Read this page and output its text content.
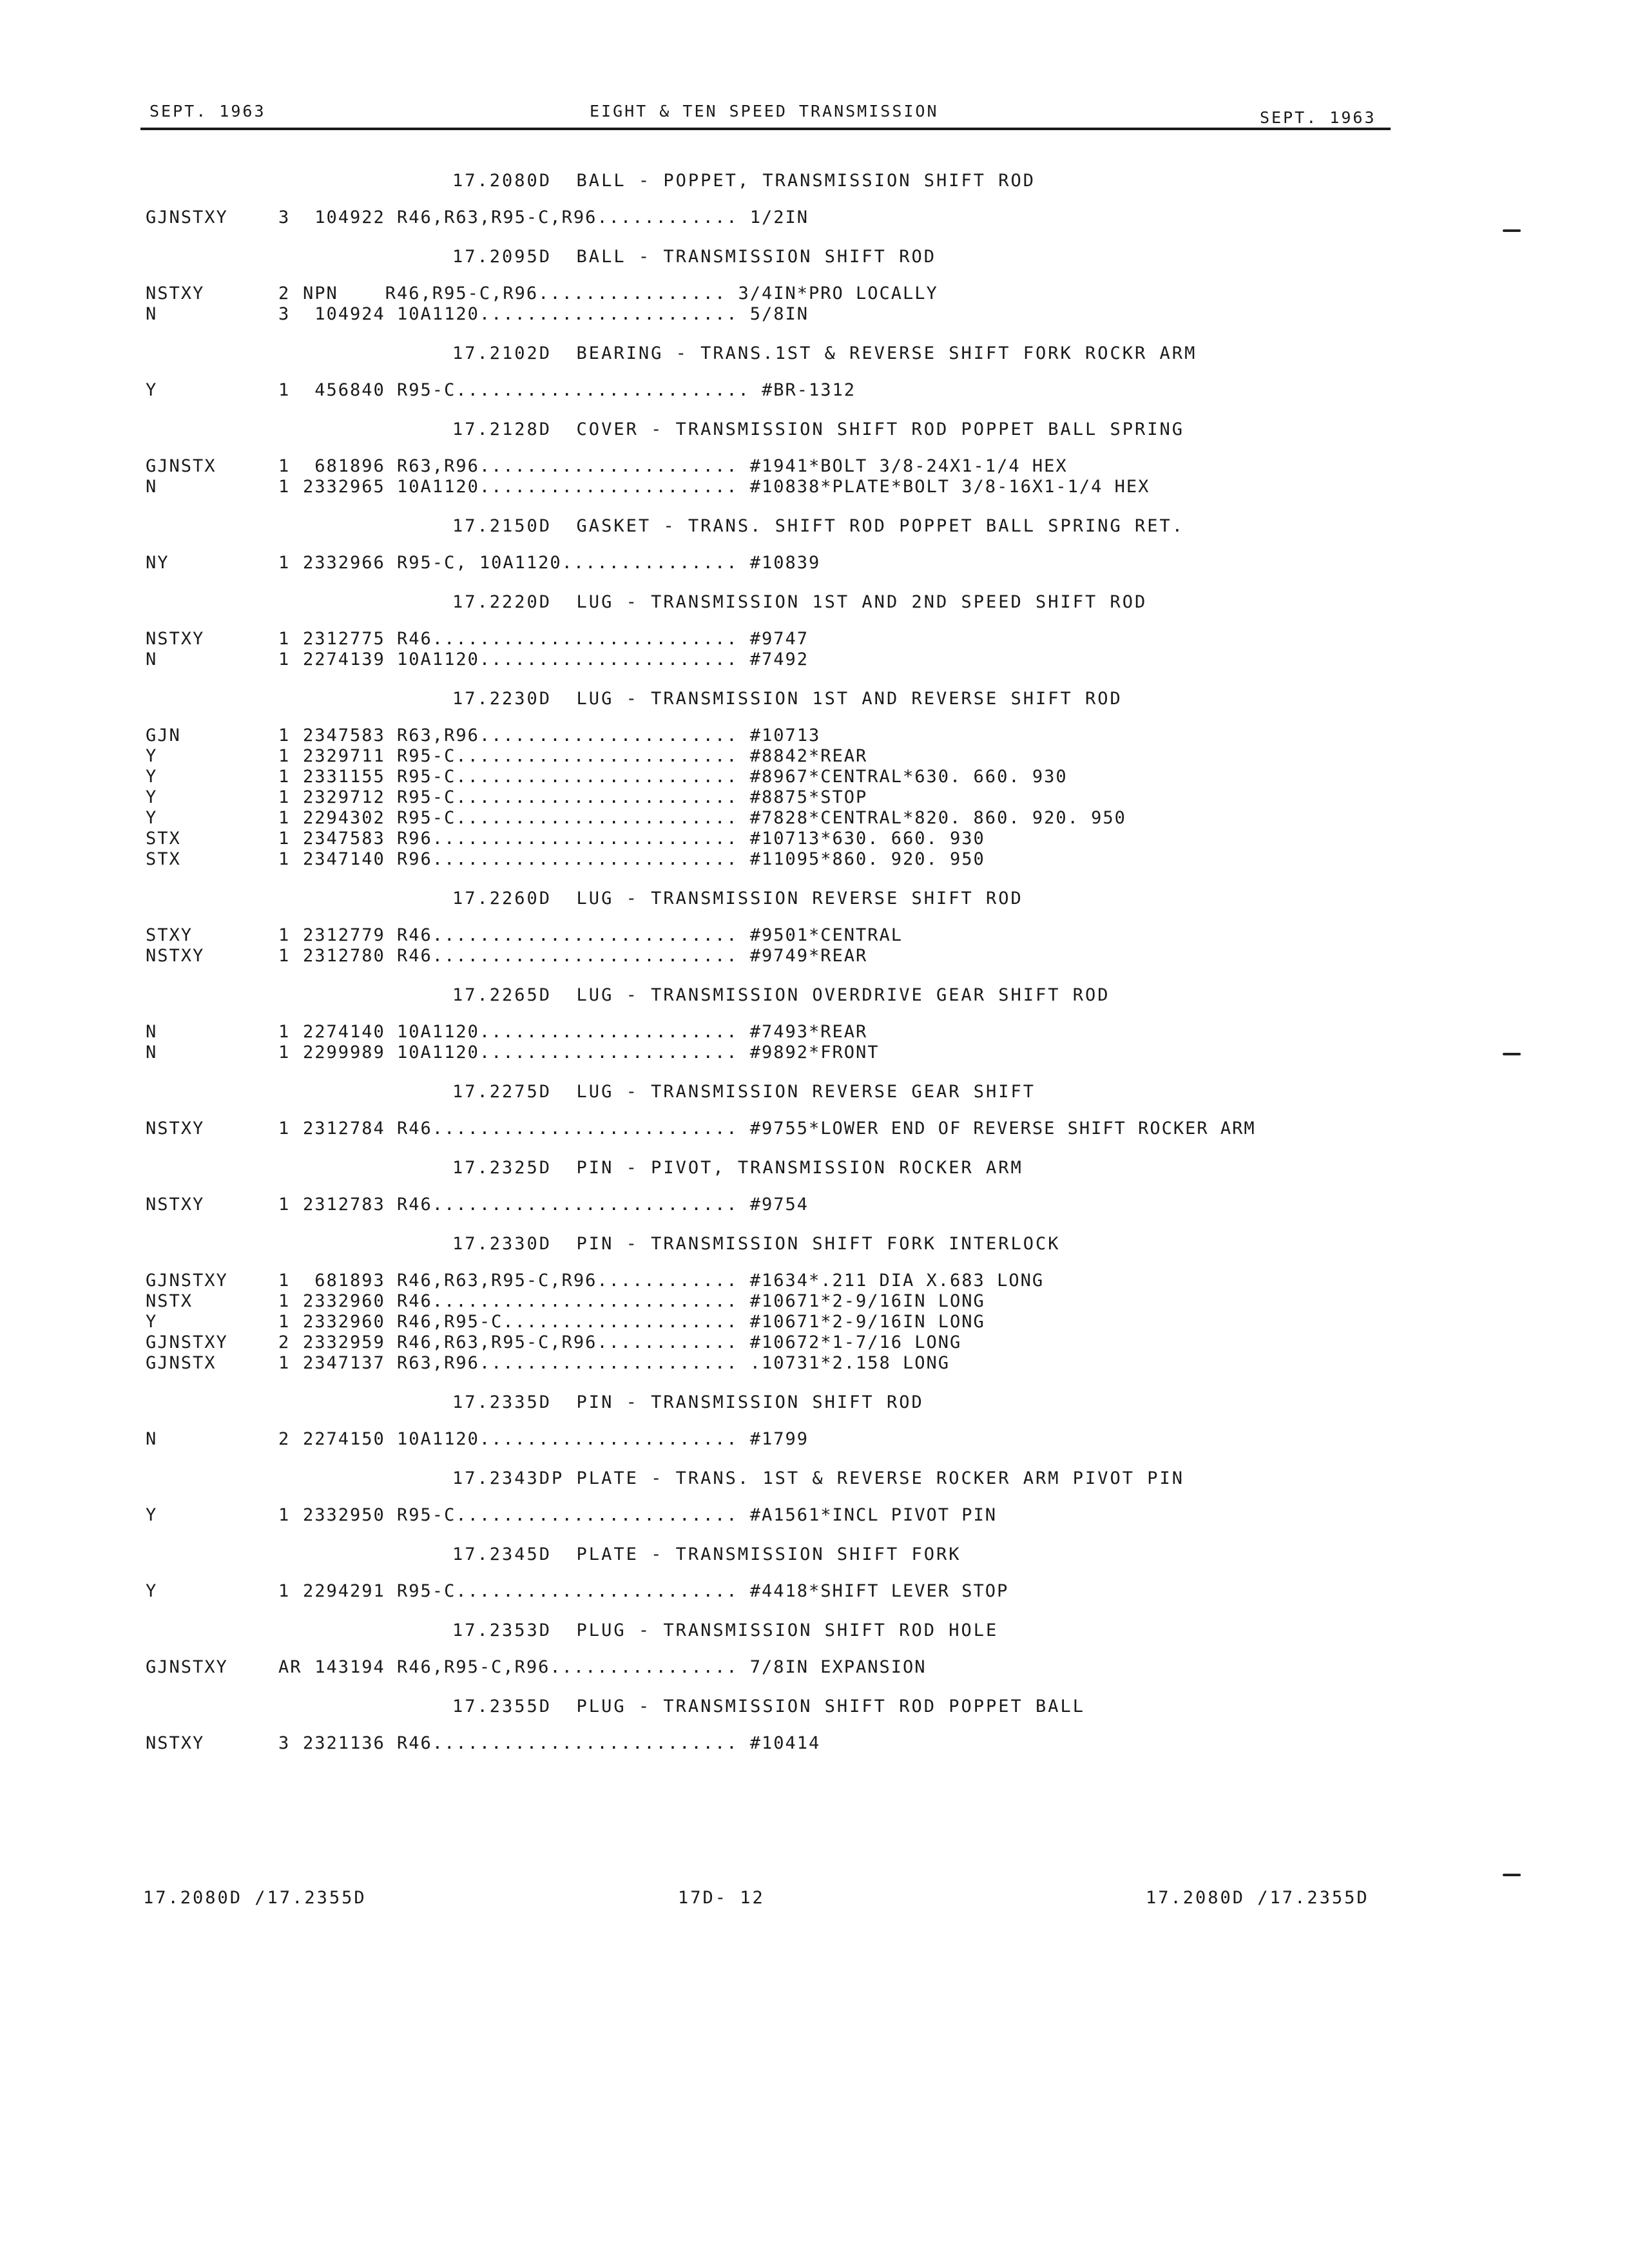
SEPT. 1963	EIGHT & TEN SPEED TRANSMISSION	SEPT. 1963
17.2080D  BALL - POPPET, TRANSMISSION SHIFT ROD
GJNSTXY	3 104922 R46,R63,R95-C,R96............ 1/2IN
17.2095D  BALL - TRANSMISSION SHIFT ROD
NSTXY	2 NPN    R46,R95-C,R96................ 3/4IN*PRO LOCALLY
N	3 104924 10A1120...................... 5/8IN
17.2102D  BEARING - TRANS.1ST & REVERSE SHIFT FORK ROCKR ARM
Y	1 456840 R95-C......................... #BR-1312
17.2128D  COVER - TRANSMISSION SHIFT ROD POPPET BALL SPRING
GJNSTX	1 681896 R63,R96...................... #1941*BOLT 3/8-24X1-1/4 HEX
N	1 2332965 10A1120...................... #10838*PLATE*BOLT 3/8-16X1-1/4 HEX
17.2150D  GASKET - TRANS. SHIFT ROD POPPET BALL SPRING RET.
NY	1 2332966 R95-C, 10A1120............... #10839
17.2220D  LUG - TRANSMISSION 1ST AND 2ND SPEED SHIFT ROD
NSTXY	1 2312775 R46.......................... #9747
N	1 2274139 10A1120...................... #7492
17.2230D  LUG - TRANSMISSION 1ST AND REVERSE SHIFT ROD
GJN	1 2347583 R63,R96...................... #10713
Y	1 2329711 R95-C........................ #8842*REAR
Y	1 2331155 R95-C........................ #8967*CENTRAL*630. 660. 930
Y	1 2329712 R95-C........................ #8875*STOP
Y	1 2294302 R95-C........................ #7828*CENTRAL*820. 860. 920. 950
STX	1 2347583 R96.......................... #10713*630. 660. 930
STX	1 2347140 R96.......................... #11095*860. 920. 950
17.2260D  LUG - TRANSMISSION REVERSE SHIFT ROD
STXY	1 2312779 R46.......................... #9501*CENTRAL
NSTXY	1 2312780 R46.......................... #9749*REAR
17.2265D  LUG - TRANSMISSION OVERDRIVE GEAR SHIFT ROD
N	1 2274140 10A1120...................... #7493*REAR
N	1 2299989 10A1120...................... #9892*FRONT
17.2275D  LUG - TRANSMISSION REVERSE GEAR SHIFT
NSTXY	1 2312784 R46.......................... #9755*LOWER END OF REVERSE SHIFT ROCKER ARM
17.2325D  PIN - PIVOT, TRANSMISSION ROCKER ARM
NSTXY	1 2312783 R46.......................... #9754
17.2330D  PIN - TRANSMISSION SHIFT FORK INTERLOCK
GJNSTXY	1 681893 R46,R63,R95-C,R96............ #1634*.211 DIA X.683 LONG
NSTX	1 2332960 R46.......................... #10671*2-9/16IN LONG
Y	1 2332960 R46,R95-C.................... #10671*2-9/16IN LONG
GJNSTXY	2 2332959 R46,R63,R95-C,R96............ #10672*1-7/16 LONG
GJNSTX	1 2347137 R63,R96...................... .10731*2.158 LONG
17.2335D  PIN - TRANSMISSION SHIFT ROD
N	2 2274150 10A1120...................... #1799
17.2343DP PLATE - TRANS. 1ST & REVERSE ROCKER ARM PIVOT PIN
Y	1 2332950 R95-C........................ #A1561*INCL PIVOT PIN
17.2345D  PLATE - TRANSMISSION SHIFT FORK
Y	1 2294291 R95-C........................ #4418*SHIFT LEVER STOP
17.2353D  PLUG - TRANSMISSION SHIFT ROD HOLE
GJNSTXY	AR 143194 R46,R95-C,R96................ 7/8IN EXPANSION
17.2355D  PLUG - TRANSMISSION SHIFT ROD POPPET BALL
NSTXY	3 2321136 R46.......................... #10414
17.2080D /17.2355D	17D- 12	17.2080D /17.2355D
